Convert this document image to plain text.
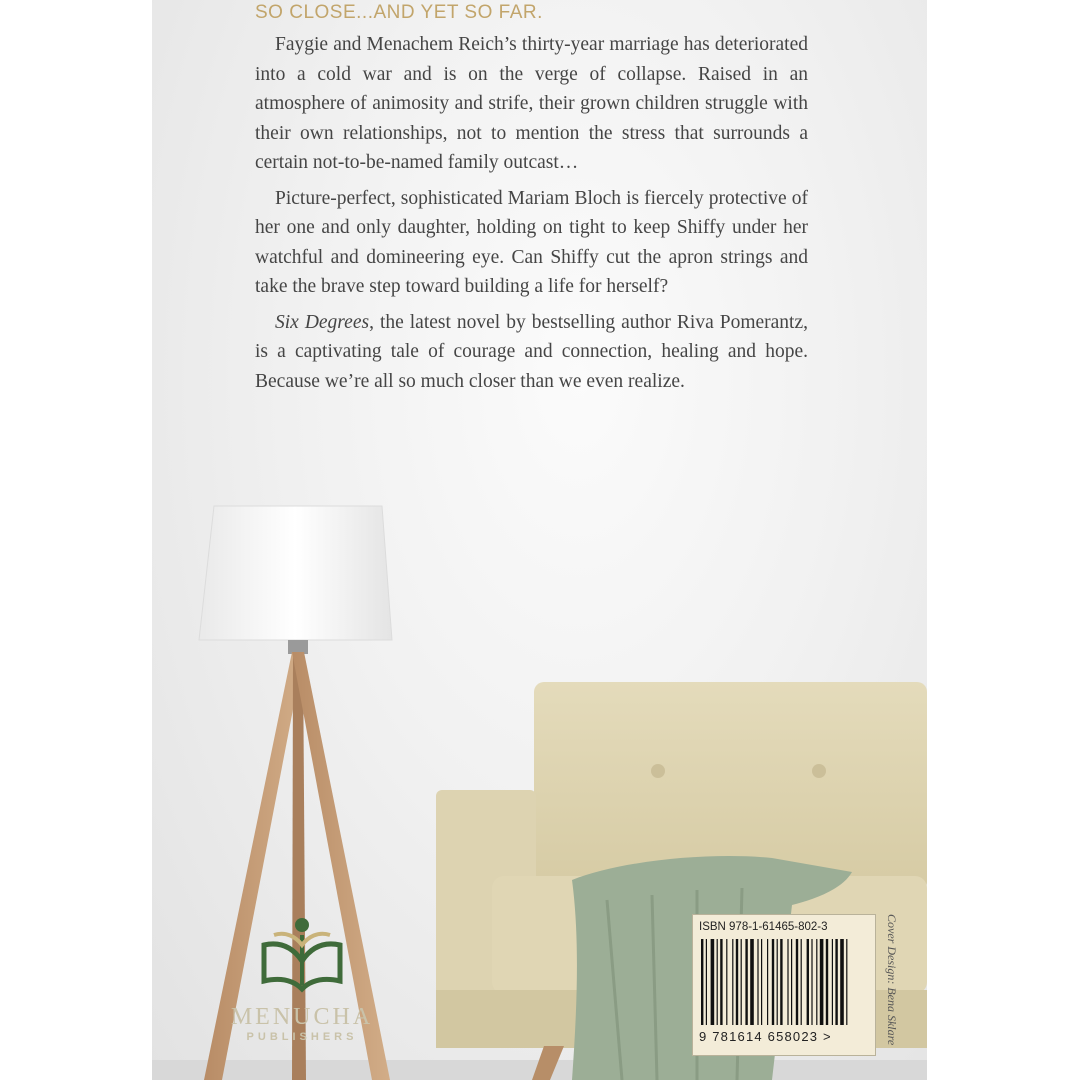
SO CLOSE...AND YET SO FAR.

Faygie and Menachem Reich’s thirty-year marriage has deteriorated into a cold war and is on the verge of collapse. Raised in an atmosphere of animosity and strife, their grown children struggle with their own relationships, not to mention the stress that surrounds a certain not-to-be-named family outcast…

Picture-perfect, sophisticated Mariam Bloch is fiercely protective of her one and only daughter, holding on tight to keep Shiffy under her watchful and domineering eye. Can Shiffy cut the apron strings and take the brave step toward building a life for herself?

Six Degrees, the latest novel by bestselling author Riva Pomerantz, is a captivating tale of courage and connection, healing and hope. Because we’re all so much closer than we even realize.

MENUCHA
PUBLISHERS
ISBN 978-1-61465-802-3
9 781614 658023 >	Cover Design: Bena Sklare
